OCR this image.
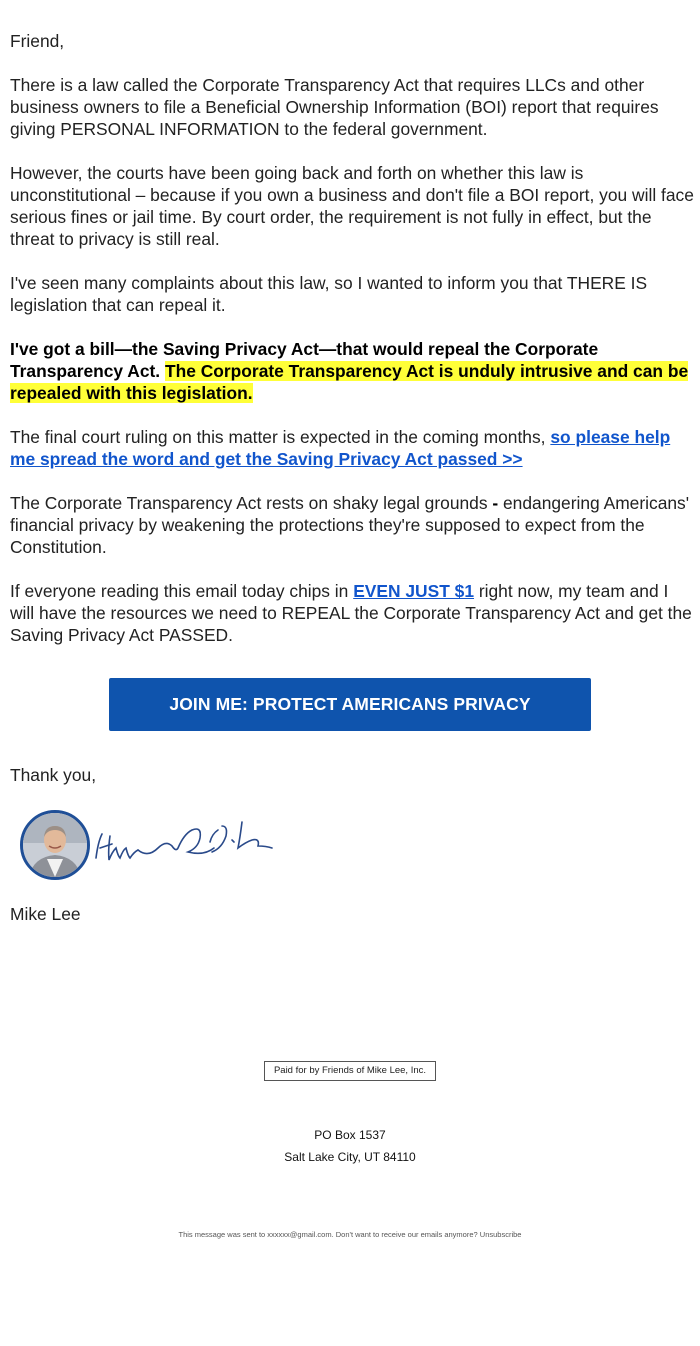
Friend,

There is a law called the Corporate Transparency Act that requires LLCs and other business owners to file a Beneficial Ownership Information (BOI) report that requires giving PERSONAL INFORMATION to the federal government.

However, the courts have been going back and forth on whether this law is unconstitutional – because if you own a business and don't file a BOI report, you will face serious fines or jail time. By court order, the requirement is not fully in effect, but the threat to privacy is still real.

I've seen many complaints about this law, so I wanted to inform you that THERE IS legislation that can repeal it.

I've got a bill—the Saving Privacy Act—that would repeal the Corporate Transparency Act. The Corporate Transparency Act is unduly intrusive and can be repealed with this legislation.

The final court ruling on this matter is expected in the coming months, so please help me spread the word and get the Saving Privacy Act passed >>

The Corporate Transparency Act rests on shaky legal grounds - endangering Americans' financial privacy by weakening the protections they're supposed to expect from the Constitution.

If everyone reading this email today chips in EVEN JUST $1 right now, my team and I will have the resources we need to REPEAL the Corporate Transparency Act and get the Saving Privacy Act PASSED.

JOIN ME: PROTECT AMERICANS PRIVACY
Thank you,
Mike Lee
Paid for by Friends of Mike Lee, Inc.
PO Box 1537
Salt Lake City, UT 84110
This message was sent to xxxxxx@gmail.com. Don't want to receive our emails anymore? Unsubscribe
